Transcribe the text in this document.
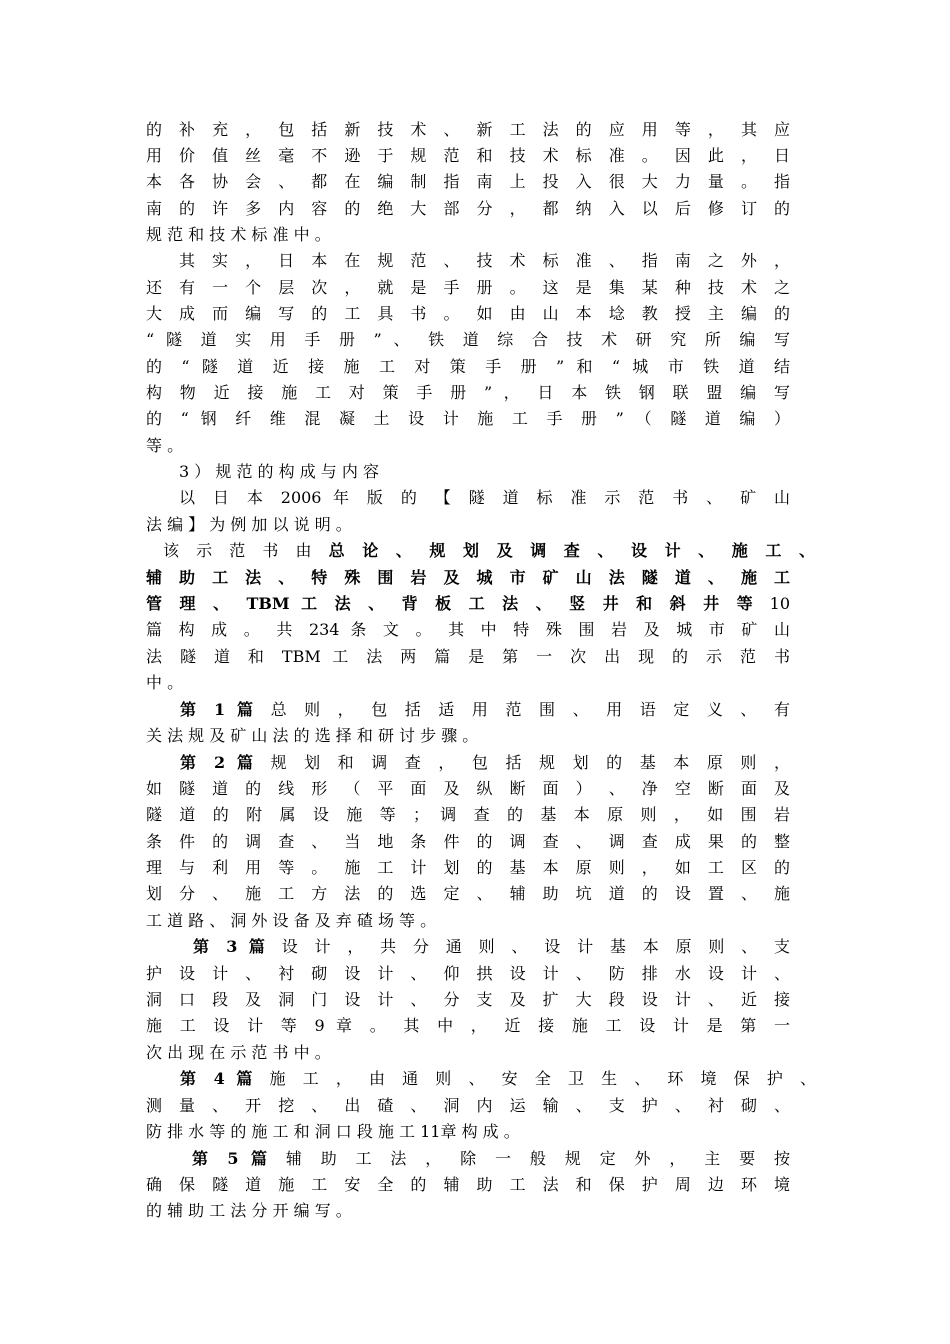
的 补 充 ， 包 括 新 技 术 、 新 工 法 的 应 用 等 ， 其 应
用 价 值 丝 毫 不 逊 于 规 范 和 技 术 标 准 。 因 此 ， 日
本 各 协 会 、 都 在 编 制 指 南 上 投 入 很 大 力 量 。 指
南 的 许 多 内 容 的 绝 大 部 分 ， 都 纳 入 以 后 修 订 的
规 范 和 技 术 标 准 中 。
其 实 ， 日 本 在 规 范 、 技 术 标 准 、 指 南 之 外 ，
还 有 一 个 层 次 ， 就 是 手 册 。 这 是 集 某 种 技 术 之
大 成 而 编 写 的 工 具 书 。 如 由 山 本 埝 教 授 主 编 的
“ 隧 道 实 用 手 册 ” 、 铁 道 综 合 技 术 研 究 所 编 写
的 “ 隧 道 近 接 施 工 对 策 手 册 ” 和 “ 城 市 铁 道 结
构 物 近 接 施 工 对 策 手 册 ” ， 日 本 铁 钢 联 盟 编 写
的 “ 钢 纤 维 混 凝 土 设 计 施 工 手 册 ” （ 隧 道 编 ）
等 。
3 ） 规 范 的 构 成 与 内 容
以 日 本 2006 年 版 的 【 隧 道 标 准 示 范 书 、 矿 山
法 编 】 为 例 加 以 说 明 。
该 示 范 书 由 总 论 、 规 划 及 调 查 、 设 计 、 施 工 、
辅 助 工 法 、 特 殊 围 岩 及 城 市 矿 山 法 隧 道 、 施 工
管 理 、 TBM 工 法 、 背 板 工 法 、 竖 井 和 斜 井 等 10
篇 构 成 。 共 234 条 文 。 其 中 特 殊 围 岩 及 城 市 矿 山
法 隧 道 和 TBM 工 法 两 篇 是 第 一 次 出 现 的 示 范 书
中 。
第 1 篇 总 则 ， 包 括 适 用 范 围 、 用 语 定 义 、 有
关 法 规 及 矿 山 法 的 选 择 和 研 讨 步 骤 。
第 2 篇 规 划 和 调 查 ， 包 括 规 划 的 基 本 原 则 ，
如 隧 道 的 线 形 （ 平 面 及 纵 断 面 ） 、 净 空 断 面 及
隧 道 的 附 属 设 施 等 ； 调 查 的 基 本 原 则 ， 如 围 岩
条 件 的 调 查 、 当 地 条 件 的 调 查 、 调 查 成 果 的 整
理 与 利 用 等 。 施 工 计 划 的 基 本 原 则 ， 如 工 区 的
划 分 、 施 工 方 法 的 选 定 、 辅 助 坑 道 的 设 置 、 施
工 道 路 、 洞 外 设 备 及 弃 碴 场 等 。
第 3 篇 设 计 ， 共 分 通 则 、 设 计 基 本 原 则 、 支
护 设 计 、 衬 砌 设 计 、 仰 拱 设 计 、 防 排 水 设 计 、
洞 口 段 及 洞 门 设 计 、 分 支 及 扩 大 段 设 计 、 近 接
施 工 设 计 等 9 章 。 其 中 ， 近 接 施 工 设 计 是 第 一
次 出 现 在 示 范 书 中 。
第 4 篇 施 工 ， 由 通 则 、 安 全 卫 生 、 环 境 保 护 、
测 量 、 开 挖 、 出 碴 、 洞 内 运 输 、 支 护 、 衬 砌 、
防 排 水 等 的 施 工 和 洞 口 段 施 工 11章 构 成 。
第 5 篇 辅 助 工 法 ， 除 一 般 规 定 外 ， 主 要 按
确 保 隧 道 施 工 安 全 的 辅 助 工 法 和 保 护 周 边 环 境
的 辅 助 工 法 分 开 编 写 。
